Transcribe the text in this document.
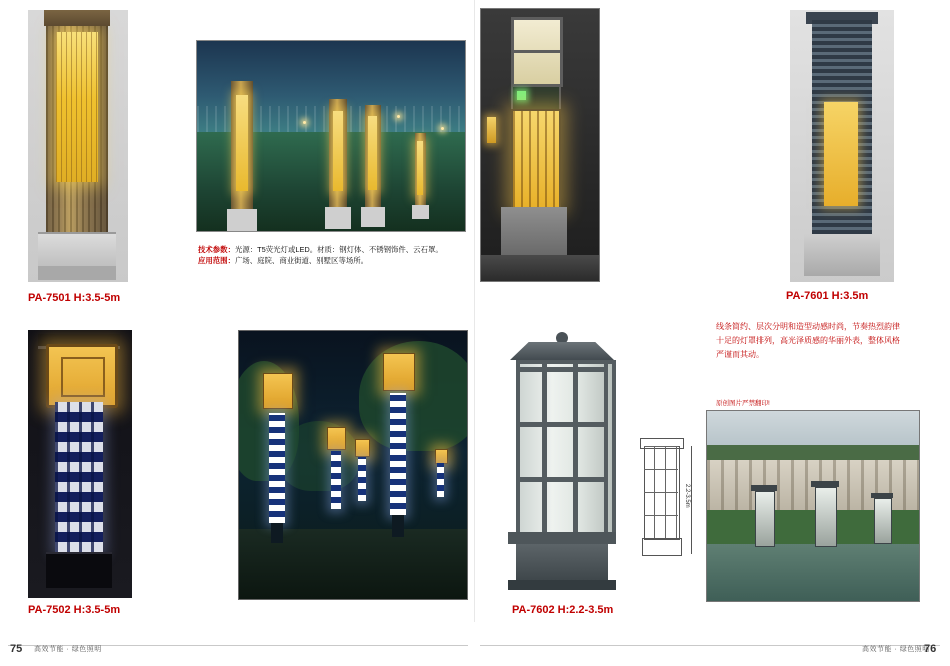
PA-7501 H:3.5-5m
技术参数：光源：T5荧光灯或LED。材质：钢灯体、不锈钢饰件、云石罩。
应用范围：广场、庭院、商业街道、别墅区等场所。
PA-7601 H:3.5m
线条简约、层次分明和造型动感时尚，节奏热烈韵律十足的灯罩排列，高光泽质感的华丽外表，整体风格严谨而其动。
PA-7502 H:3.5-5m	PA-7602 H:2.2-3.5m
2.2-3.5m
原创图片严禁翻印!
75 高效节能 · 绿色照明	76
高效节能 · 绿色照明
